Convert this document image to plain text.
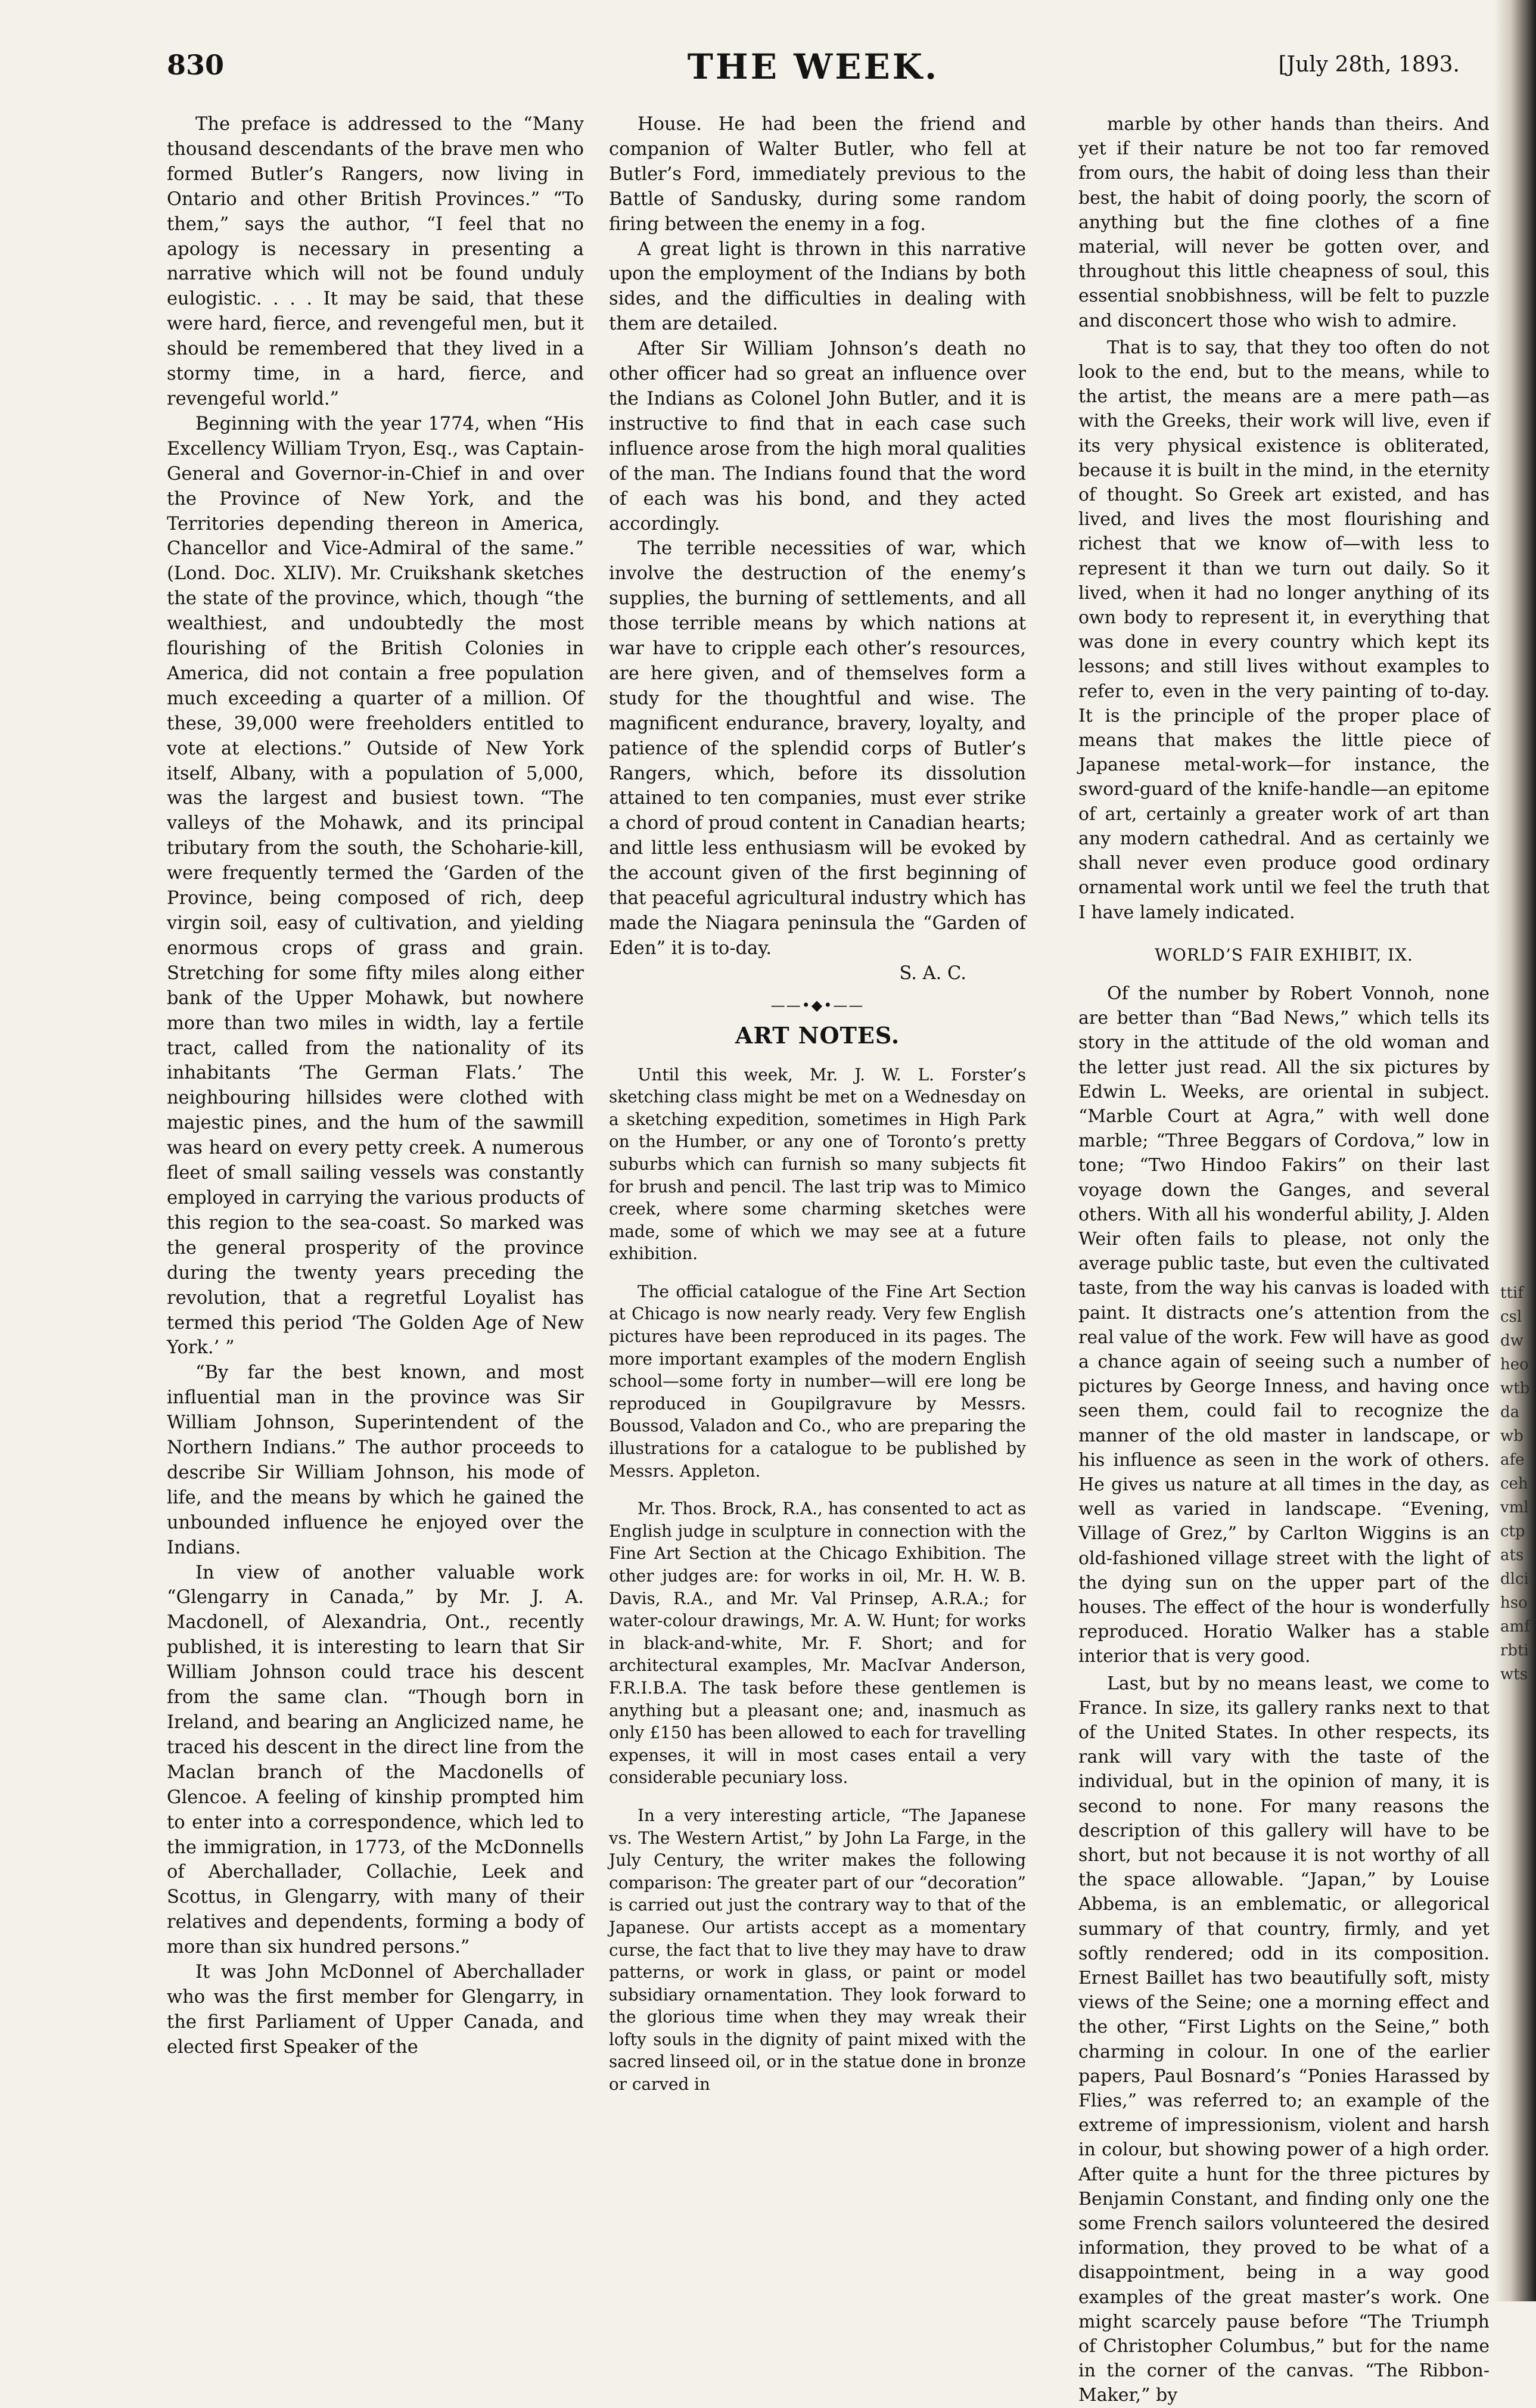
830	THE WEEK.	[July 28th, 1893.

The preface is addressed to the “Many thousand descendants of the brave men who formed Butler’s Rangers, now living in Ontario and other British Provinces.” “To them,” says the author, “I feel that no apology is necessary in presenting a narrative which will not be found unduly eulogistic. . . . It may be said, that these were hard, fierce, and revengeful men, but it should be remembered that they lived in a stormy time, in a hard, fierce, and revengeful world.”

Beginning with the year 1774, when “His Excellency William Tryon, Esq., was Captain-General and Governor-in-Chief in and over the Province of New York, and the Territories depending thereon in America, Chancellor and Vice-Admiral of the same.” (Lond. Doc. XLIV). Mr. Cruikshank sketches the state of the province, which, though “the wealthiest, and undoubtedly the most flourishing of the British Colonies in America, did not contain a free population much exceeding a quarter of a million. Of these, 39,000 were freeholders entitled to vote at elections.” Outside of New York itself, Albany, with a population of 5,000, was the largest and busiest town. “The valleys of the Mohawk, and its principal tributary from the south, the Schoharie-kill, were frequently termed the ‘Garden of the Province, being composed of rich, deep virgin soil, easy of cultivation, and yielding enormous crops of grass and grain. Stretching for some fifty miles along either bank of the Upper Mohawk, but nowhere more than two miles in width, lay a fertile tract, called from the nationality of its inhabitants ‘The German Flats.’ The neighbouring hillsides were clothed with majestic pines, and the hum of the sawmill was heard on every petty creek. A numerous fleet of small sailing vessels was constantly employed in carrying the various products of this region to the sea-coast. So marked was the general prosperity of the province during the twenty years preceding the revolution, that a regretful Loyalist has termed this period ‘The Golden Age of New York.’ ”

“By far the best known, and most influential man in the province was Sir William Johnson, Superintendent of the Northern Indians.” The author proceeds to describe Sir William Johnson, his mode of life, and the means by which he gained the unbounded influence he enjoyed over the Indians.

In view of another valuable work “Glengarry in Canada,” by Mr. J. A. Macdonell, of Alexandria, Ont., recently published, it is interesting to learn that Sir William Johnson could trace his descent from the same clan. “Though born in Ireland, and bearing an Anglicized name, he traced his descent in the direct line from the Maclan branch of the Macdonells of Glencoe. A feeling of kinship prompted him to enter into a correspondence, which led to the immigration, in 1773, of the McDonnells of Aberchallader, Collachie, Leek and Scottus, in Glengarry, with many of their relatives and dependents, forming a body of more than six hundred persons.”

It was John McDonnel of Aberchallader who was the first member for Glengarry, in the first Parliament of Upper Canada, and elected first Speaker of the

House. He had been the friend and companion of Walter Butler, who fell at Butler’s Ford, immediately previous to the Battle of Sandusky, during some random firing between the enemy in a fog.

A great light is thrown in this narrative upon the employment of the Indians by both sides, and the difficulties in dealing with them are detailed.

After Sir William Johnson’s death no other officer had so great an influence over the Indians as Colonel John Butler, and it is instructive to find that in each case such influence arose from the high moral qualities of the man. The Indians found that the word of each was his bond, and they acted accordingly.

The terrible necessities of war, which involve the destruction of the enemy’s supplies, the burning of settlements, and all those terrible means by which nations at war have to cripple each other’s resources, are here given, and of themselves form a study for the thoughtful and wise. The magnificent endurance, bravery, loyalty, and patience of the splendid corps of Butler’s Rangers, which, before its dissolution attained to ten companies, must ever strike a chord of proud content in Canadian hearts; and little less enthusiasm will be evoked by the account given of the first beginning of that peaceful agricultural industry which has made the Niagara peninsula the “Garden of Eden” it is to-day.

S. A. C.

——•◆•——
ART NOTES.

Until this week, Mr. J. W. L. Forster’s sketching class might be met on a Wednesday on a sketching expedition, sometimes in High Park on the Humber, or any one of Toronto’s pretty suburbs which can furnish so many subjects fit for brush and pencil. The last trip was to Mimico creek, where some charming sketches were made, some of which we may see at a future exhibition.

The official catalogue of the Fine Art Section at Chicago is now nearly ready. Very few English pictures have been reproduced in its pages. The more important examples of the modern English school—some forty in number—will ere long be reproduced in Goupilgravure by Messrs. Boussod, Valadon and Co., who are preparing the illustrations for a catalogue to be published by Messrs. Appleton.

Mr. Thos. Brock, R.A., has consented to act as English judge in sculpture in connection with the Fine Art Section at the Chicago Exhibition. The other judges are: for works in oil, Mr. H. W. B. Davis, R.A., and Mr. Val Prinsep, A.R.A.; for water-colour drawings, Mr. A. W. Hunt; for works in black-and-white, Mr. F. Short; and for architectural examples, Mr. MacIvar Anderson, F.R.I.B.A. The task before these gentlemen is anything but a pleasant one; and, inasmuch as only £150 has been allowed to each for travelling expenses, it will in most cases entail a very considerable pecuniary loss.

In a very interesting article, “The Japanese vs. The Western Artist,” by John La Farge, in the July Century, the writer makes the following comparison: The greater part of our “decoration” is carried out just the contrary way to that of the Japanese. Our artists accept as a momentary curse, the fact that to live they may have to draw patterns, or work in glass, or paint or model subsidiary ornamentation. They look forward to the glorious time when they may wreak their lofty souls in the dignity of paint mixed with the sacred linseed oil, or in the statue done in bronze or carved in

marble by other hands than theirs. And yet if their nature be not too far removed from ours, the habit of doing less than their best, the habit of doing poorly, the scorn of anything but the fine clothes of a fine material, will never be gotten over, and throughout this little cheapness of soul, this essential snobbishness, will be felt to puzzle and disconcert those who wish to admire.

That is to say, that they too often do not look to the end, but to the means, while to the artist, the means are a mere path—as with the Greeks, their work will live, even if its very physical existence is obliterated, because it is built in the mind, in the eternity of thought. So Greek art existed, and has lived, and lives the most flourishing and richest that we know of—with less to represent it than we turn out daily. So it lived, when it had no longer anything of its own body to represent it, in everything that was done in every country which kept its lessons; and still lives without examples to refer to, even in the very painting of to-day. It is the principle of the proper place of means that makes the little piece of Japanese metal-work—for instance, the sword-guard of the knife-handle—an epitome of art, certainly a greater work of art than any modern cathedral. And as certainly we shall never even produce good ordinary ornamental work until we feel the truth that I have lamely indicated.

WORLD’S FAIR EXHIBIT, IX.

Of the number by Robert Vonnoh, none are better than “Bad News,” which tells its story in the attitude of the old woman and the letter just read. All the six pictures by Edwin L. Weeks, are oriental in subject. “Marble Court at Agra,” with well done marble; “Three Beggars of Cordova,” low in tone; “Two Hindoo Fakirs” on their last voyage down the Ganges, and several others. With all his wonderful ability, J. Alden Weir often fails to please, not only the average public taste, but even the cultivated taste, from the way his canvas is loaded with paint. It distracts one’s attention from the real value of the work. Few will have as good a chance again of seeing such a number of pictures by George Inness, and having once seen them, could fail to recognize the manner of the old master in landscape, or his influence as seen in the work of others. He gives us nature at all times in the day, as well as varied in landscape. “Evening, Village of Grez,” by Carlton Wiggins is an old-fashioned village street with the light of the dying sun on the upper part of the houses. The effect of the hour is wonderfully reproduced. Horatio Walker has a stable interior that is very good.

Last, but by no means least, we come to France. In size, its gallery ranks next to that of the United States. In other respects, its rank will vary with the taste of the individual, but in the opinion of many, it is second to none. For many reasons the description of this gallery will have to be short, but not because it is not worthy of all the space allowable. “Japan,” by Louise Abbema, is an emblematic, or allegorical summary of that country, firmly, and yet softly rendered; odd in its composition. Ernest Baillet has two beautifully soft, misty views of the Seine; one a morning effect and the other, “First Lights on the Seine,” both charming in colour. In one of the earlier papers, Paul Bosnard’s “Ponies Harassed by Flies,” was referred to; an example of the extreme of impressionism, violent and harsh in colour, but showing power of a high order. After quite a hunt for the three pictures by Benjamin Constant, and finding only one the some French sailors volunteered the desired information, they proved to be what of a disappointment, being in a way good examples of the great master’s work. One might scarcely pause before “The Triumph of Christopher Columbus,” but for the name in the corner of the canvas. “The Ribbon-Maker,” by

ttifcsldwheowtbdawbafecehvmlctpatsdlcihsoamfrbtiwts
